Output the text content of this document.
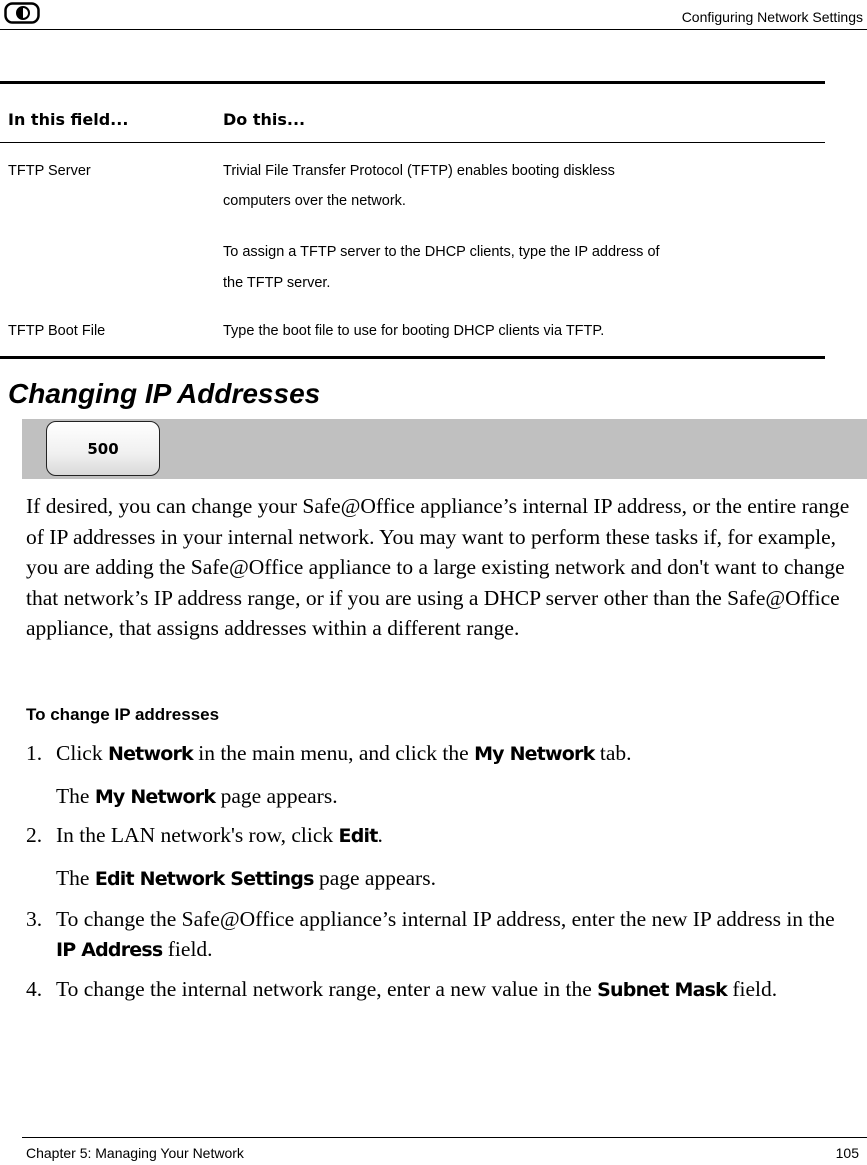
Configuring Network Settings
In this field...	Do this...
TFTP Server	Trivial File Transfer Protocol (TFTP) enables booting diskless
computers over the network.
To assign a TFTP server to the DHCP clients, type the IP address of
the TFTP server.
TFTP Boot File	Type the boot file to use for booting DHCP clients via TFTP.
Changing IP Addresses
500
If desired, you can change your Safe@Office appliance’s internal IP address, or the entire range of IP addresses in your internal network. You may want to perform these tasks if, for example, you are adding the Safe@Office appliance to a large existing network and don't want to change that network’s IP address range, or if you are using a DHCP server other than the Safe@Office appliance, that assigns addresses within a different range.
To change IP addresses
1. Click Network in the main menu, and click the My Network tab.
The My Network page appears.
2. In the LAN network's row, click Edit.
The Edit Network Settings page appears.
3. To change the Safe@Office appliance’s internal IP address, enter the new IP address in the IP Address field.
4. To change the internal network range, enter a new value in the Subnet Mask field.
Chapter 5: Managing Your Network	105
